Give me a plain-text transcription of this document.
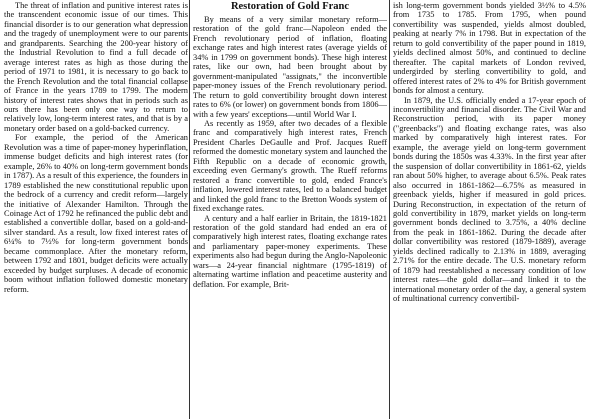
The threat of inflation and punitive interest rates is the transcendent economic issue of our times. This financial disorder is to our generation what depression and the tragedy of unemployment were to our parents and grandparents. Searching the 200-year history of the Industrial Revolution to find a full decade of average interest rates as high as those during the period of 1971 to 1981, it is necessary to go back to the French Revolution and the total financial collapse of France in the years 1789 to 1799. The modern history of interest rates shows that in periods such as ours there has been only one way to return to relatively low, long-term interest rates, and that is by a monetary order based on a gold-backed currency.

For example, the period of the American Revolution was a time of paper-money hyperinflation, immense budget deficits and high interest rates (for example, 26% to 40% on long-term government bonds in 1787). As a result of this experience, the founders in 1789 established the new constitutional republic upon the bedrock of a currency and credit reform—largely the initiative of Alexander Hamilton. Through the Coinage Act of 1792 he refinanced the public debt and established a convertible dollar, based on a gold-and-silver standard. As a result, low fixed interest rates of 6¼% to 7½% for long-term government bonds became commonplace. After the monetary reform, between 1792 and 1801, budget deficits were actually exceeded by budget surpluses. A decade of economic boom without inflation followed domestic monetary reform.

Restoration of Gold Franc

By means of a very similar monetary reform—restoration of the gold franc—Napoleon ended the French revolutionary period of inflation, floating exchange rates and high interest rates (average yields of 34% in 1799 on government bonds). These high interest rates, like our own, had been brought about by government-manipulated "assignats," the inconvertible paper-money issues of the French revolutionary period. The return to gold convertibility brought down interest rates to 6% (or lower) on government bonds from 1806—with a few years' exceptions—until World War I.

As recently as 1959, after two decades of a flexible franc and comparatively high interest rates, French President Charles DeGaulle and Prof. Jacques Rueff reformed the domestic monetary system and launched the Fifth Republic on a decade of economic growth, exceeding even Germany's growth. The Rueff reforms restored a franc convertible to gold, ended France's inflation, lowered interest rates, led to a balanced budget and linked the gold franc to the Bretton Woods system of fixed exchange rates.

A century and a half earlier in Britain, the 1819-1821 restoration of the gold standard had ended an era of comparatively high interest rates, floating exchange rates and parliamentary paper-money experiments. These experiments also had begun during the Anglo-Napoleonic wars—a 24-year financial nightmare (1795-1819) of alternating wartime inflation and peacetime austerity and deflation. For example, Brit-

ish long-term government bonds yielded 3½% to 4.5% from 1735 to 1785. From 1795, when pound convertibility was suspended, yields almost doubled, peaking at nearly 7% in 1798. But in expectation of the return to gold convertibility of the paper pound in 1819, yields declined almost 50%, and continued to decline thereafter. The capital markets of London revived, undergirded by sterling convertibility to gold, and offered interest rates of 2% to 4% for British government bonds for almost a century.

In 1879, the U.S. officially ended a 17-year epoch of inconvertibility and financial disorder. The Civil War and Reconstruction period, with its paper money ("greenbacks") and floating exchange rates, was also marked by comparatively high interest rates. For example, the average yield on long-term government bonds during the 1850s was 4.33%. In the first year after the suspension of dollar convertibility in 1861-62, yields ran about 50% higher, to average about 6.5%. Peak rates also occurred in 1861-1862—6.75% as measured in greenback yields, higher if measured in gold prices. During Reconstruction, in expectation of the return of gold convertibility in 1879, market yields on long-term government bonds declined to 3.75%, a 40% decline from the peak in 1861-1862. During the decade after dollar convertibility was restored (1879-1889), average yields declined radically to 2.13% in 1889, averaging 2.71% for the entire decade. The U.S. monetary reform of 1879 had reestablished a necessary condition of low interest rates—the gold dollar—and linked it to the international monetary order of the day, a general system of multinational currency convertibil-
